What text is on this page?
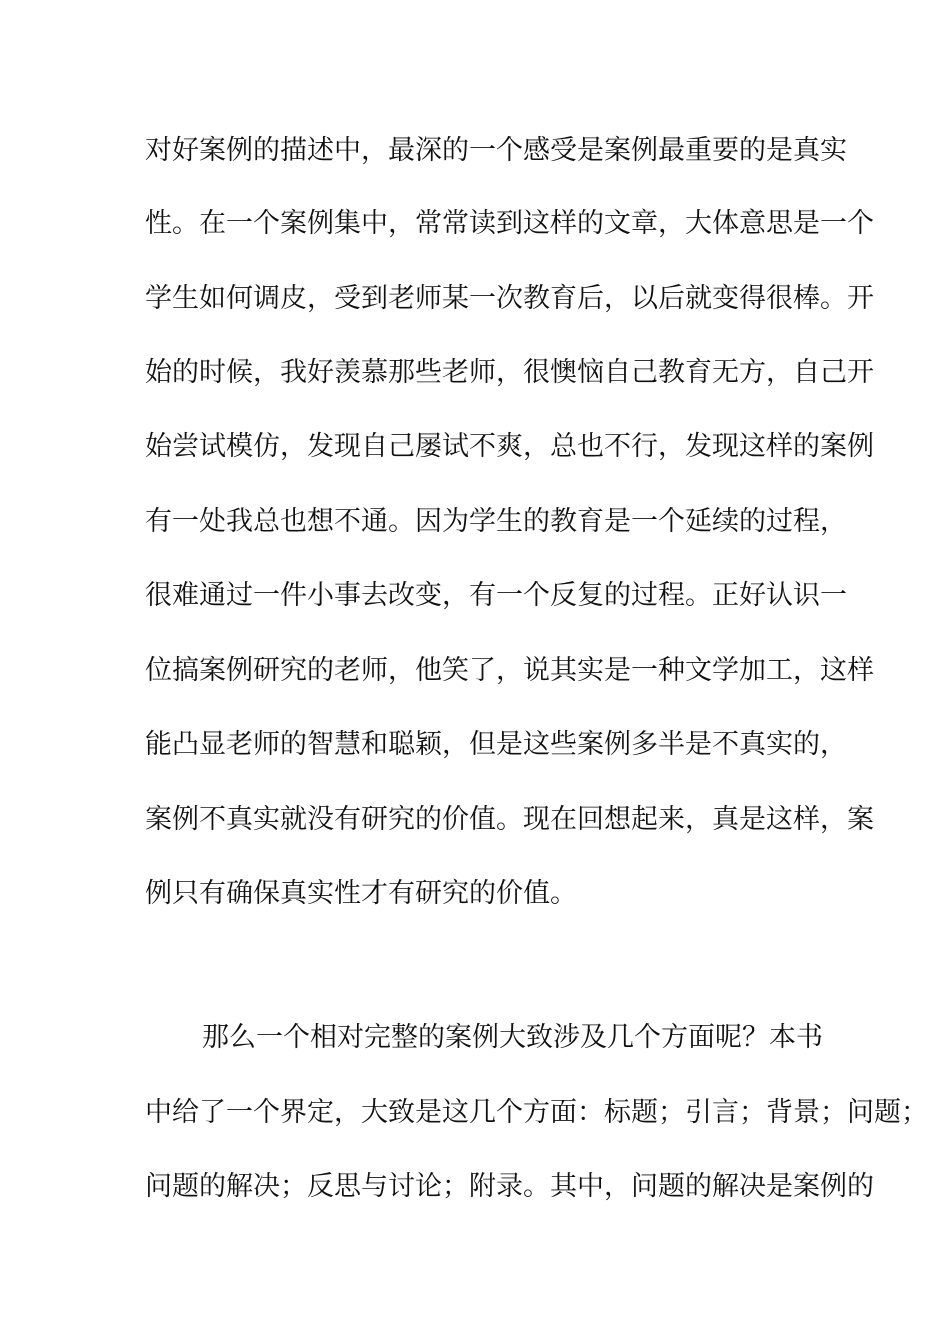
对好案例的描述中，最深的一个感受是案例最重要的是真实
性。在一个案例集中，常常读到这样的文章，大体意思是一个
学生如何调皮，受到老师某一次教育后，以后就变得很棒。开
始的时候，我好羡慕那些老师，很懊恼自己教育无方，自己开
始尝试模仿，发现自己屡试不爽，总也不行，发现这样的案例
有一处我总也想不通。因为学生的教育是一个延续的过程，
很难通过一件小事去改变，有一个反复的过程。正好认识一
位搞案例研究的老师，他笑了，说其实是一种文学加工，这样
能凸显老师的智慧和聪颖，但是这些案例多半是不真实的，
案例不真实就没有研究的价值。现在回想起来，真是这样，案
例只有确保真实性才有研究的价值。
那么一个相对完整的案例大致涉及几个方面呢？本书
中给了一个界定，大致是这几个方面：标题；引言；背景；问题；
问题的解决；反思与讨论；附录。其中，问题的解决是案例的
